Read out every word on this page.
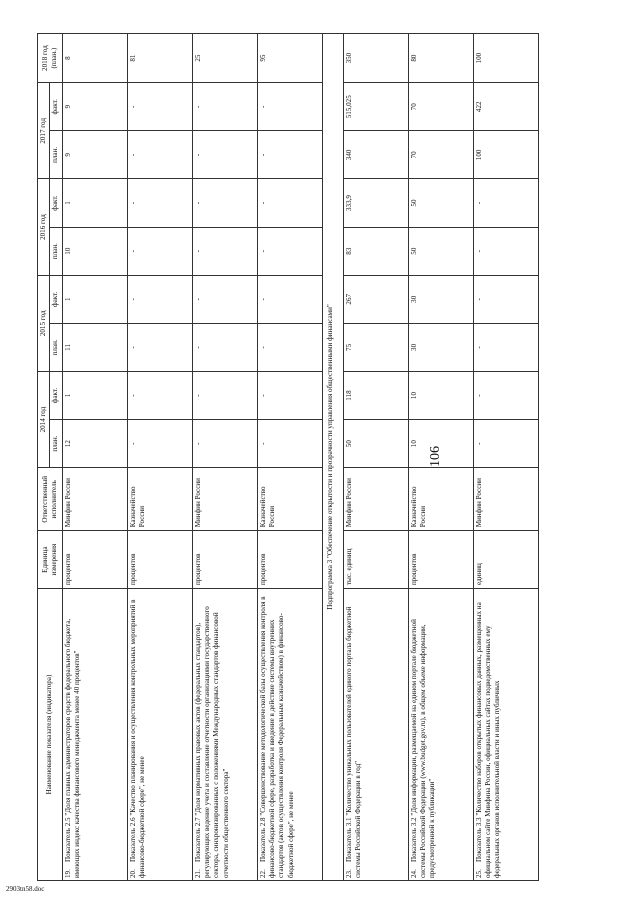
2903tn58.doc
106
Наименование показателя (индикатора)	Единица измерения	Ответственный исполнитель	2014 год		2015 год		2016 год		2017 год		2018 год (план.)
			план.	факт.	план.	факт.	план.	факт.	план.	факт.	
19.Показатель 2.5 "Доля главных администраторов средств федерального бюджета, имеющих индекс качества финансового менеджмента менее 40 процентов"	процентов	Минфин России	12	1	11	1	10	1	9	9	8
20.Показатель 2.6 "Качество планирования и осуществления контрольных мероприятий в финансово-бюджетной сфере", не менее	процентов	Казначейство России	-	-	-	-	-	-	-	-	81
21.Показатель 2.7 "Доля нормативных правовых актов (федеральных стандартов), регулирующих ведение учета и составление отчетности организациями государственного сектора, синхронизированных с положениями Международных стандартов финансовой отчетности общественного сектора"	процентов	Минфин России	-	-	-	-	-	-	-	-	25
22.Показатель 2.8 "Совершенствование методологической базы осуществления контроля в финансово-бюджетной сфере, разработка и введение в действие системы внутренних стандартов (актов осуществления контроля Федеральным казначейством) в финансово-бюджетной сфере", не менее	процентов	Казначейство России	-	-	-	-	-	-	-	-	95
Подпрограмма 3 "Обеспечение открытости и прозрачности управления общественными финансами"											
23.Показатель 3.1 "Количество уникальных пользователей единого портала бюджетной системы Российской Федерации в год"	тыс. единиц	Минфин России	50	118	75	267	83	333,9	340	515,025	350
24.Показатель 3.2 "Доля информации, размещаемой на едином портале бюджетной системы Российской Федерации (www.budget.gov.ru), в общем объеме информации, предусмотренной к публикации"	процентов	Казначейство России	10	10	30	30	50	50	70	70	80
25.Показатель 3.3 "Количество наборов открытых финансовых данных, размещенных на официальном сайте Минфина России, официальных сайтах подведомственных ему федеральных органов исполнительной власти и иных публичных	единиц	Минфин России	-	-	-	-	-	-	100	422	100
